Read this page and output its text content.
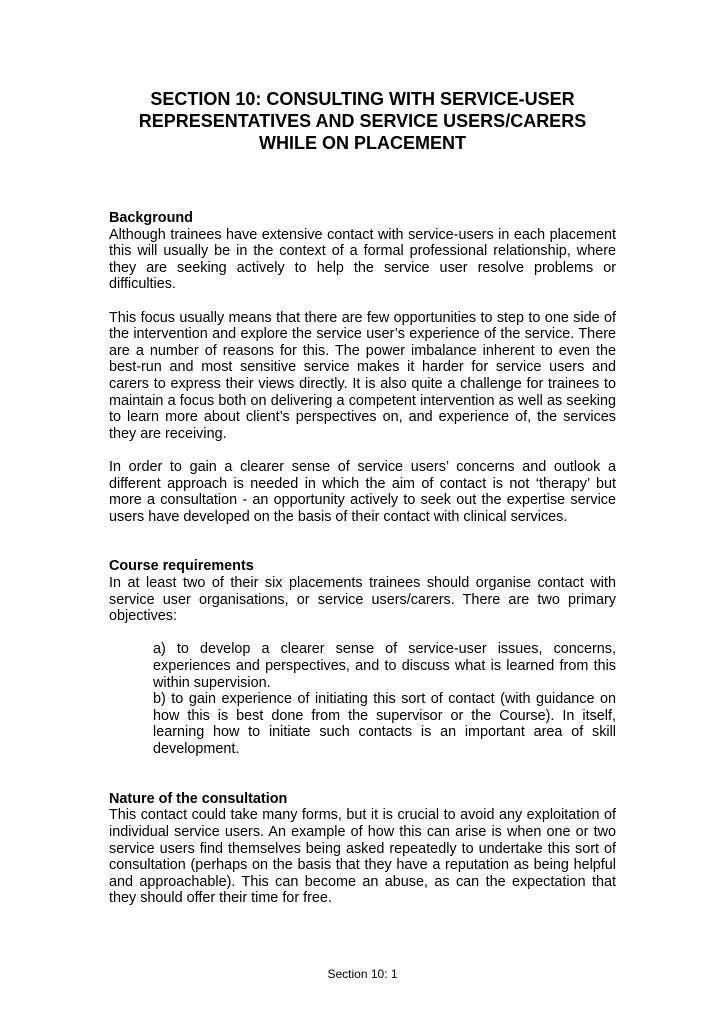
SECTION 10: CONSULTING WITH SERVICE-USER
REPRESENTATIVES AND SERVICE USERS/CARERS
WHILE ON PLACEMENT

Background

Although trainees have extensive contact with service-users in each placement this will usually be in the context of a formal professional relationship, where they are seeking actively to help the service user resolve problems or difficulties.

This focus usually means that there are few opportunities to step to one side of the intervention and explore the service user’s experience of the service. There are a number of reasons for this. The power imbalance inherent to even the best-run and most sensitive service makes it harder for service users and carers to express their views directly. It is also quite a challenge for trainees to maintain a focus both on delivering a competent intervention as well as seeking to learn more about client’s perspectives on, and experience of, the services they are receiving.

In order to gain a clearer sense of service users’ concerns and outlook a different approach is needed in which the aim of contact is not ‘therapy’ but more a consultation - an opportunity actively to seek out the expertise service users have developed on the basis of their contact with clinical services.

Course requirements

In at least two of their six placements trainees should organise contact with service user organisations, or service users/carers. There are two primary objectives:

a) to develop a clearer sense of service-user issues, concerns, experiences and perspectives, and to discuss what is learned from this within supervision.

b) to gain experience of initiating this sort of contact (with guidance on how this is best done from the supervisor or the Course). In itself, learning how to initiate such contacts is an important area of skill development.

Nature of the consultation

This contact could take many forms, but it is crucial to avoid any exploitation of individual service users. An example of how this can arise is when one or two service users find themselves being asked repeatedly to undertake this sort of consultation (perhaps on the basis that they have a reputation as being helpful and approachable). This can become an abuse, as can the expectation that they should offer their time for free.

Section 10: 1
